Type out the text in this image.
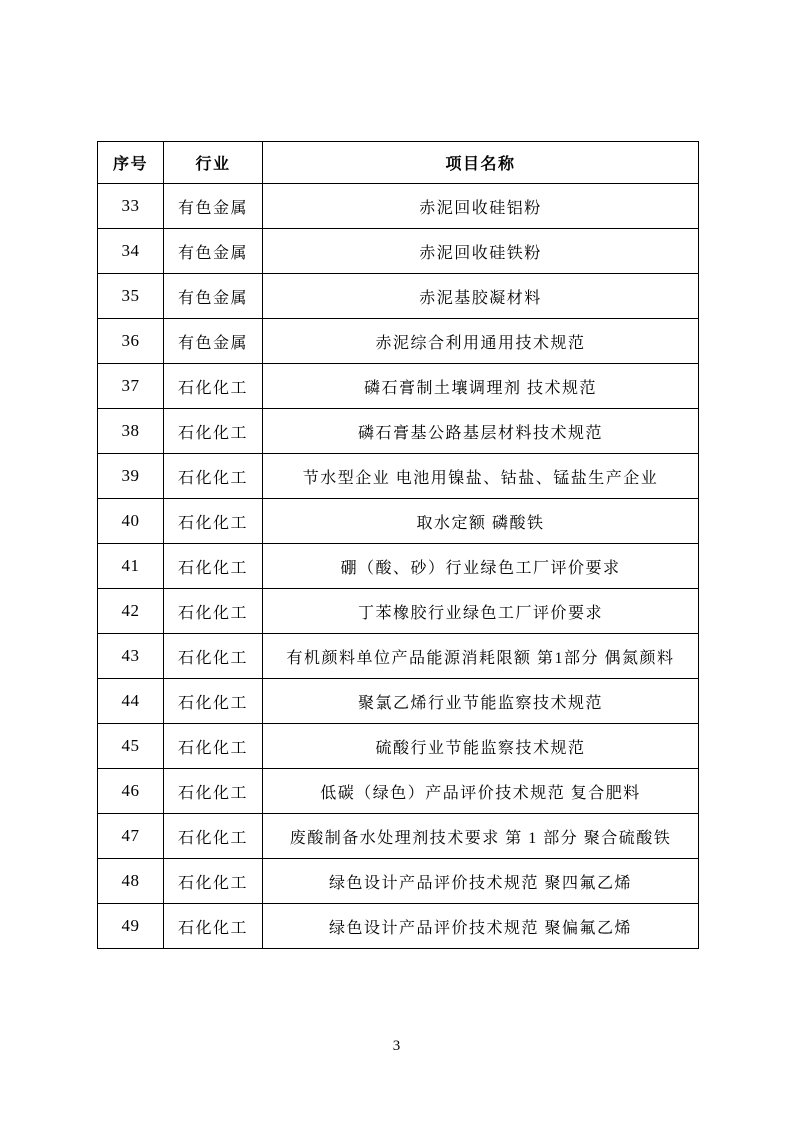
序号	行业	项目名称
33	有色金属	赤泥回收硅铝粉
34	有色金属	赤泥回收硅铁粉
35	有色金属	赤泥基胶凝材料
36	有色金属	赤泥综合利用通用技术规范
37	石化化工	磷石膏制土壤调理剂 技术规范
38	石化化工	磷石膏基公路基层材料技术规范
39	石化化工	节水型企业 电池用镍盐、钴盐、锰盐生产企业
40	石化化工	取水定额 磷酸铁
41	石化化工	硼（酸、砂）行业绿色工厂评价要求
42	石化化工	丁苯橡胶行业绿色工厂评价要求
43	石化化工	有机颜料单位产品能源消耗限额 第1部分 偶氮颜料
44	石化化工	聚氯乙烯行业节能监察技术规范
45	石化化工	硫酸行业节能监察技术规范
46	石化化工	低碳（绿色）产品评价技术规范 复合肥料
47	石化化工	废酸制备水处理剂技术要求 第 1 部分 聚合硫酸铁
48	石化化工	绿色设计产品评价技术规范 聚四氟乙烯
49	石化化工	绿色设计产品评价技术规范 聚偏氟乙烯
3
